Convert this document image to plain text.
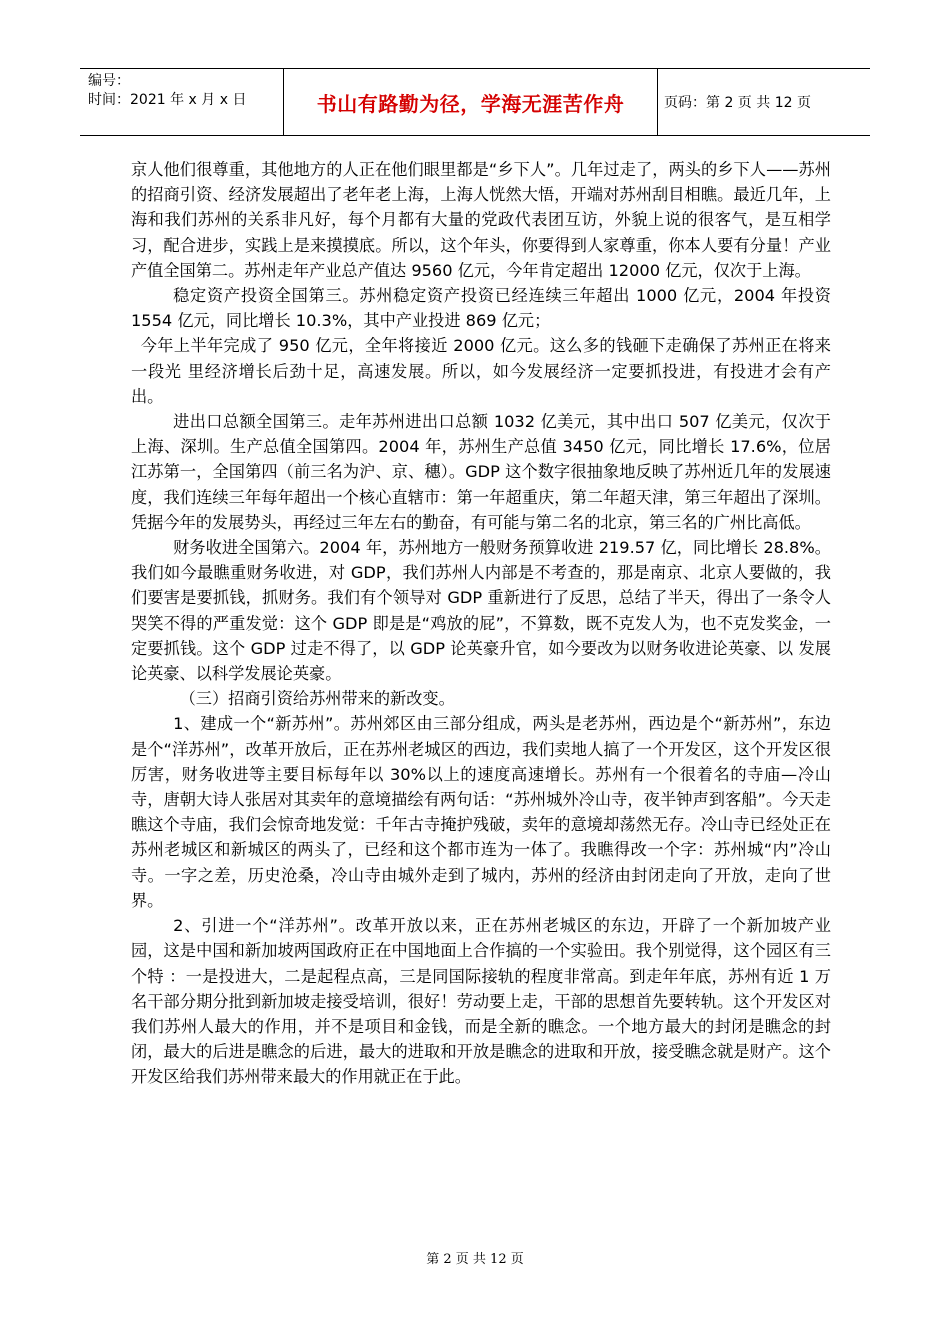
编号：
时间：2021 年 x 月 x 日	书山有路勤为径，学海无涯苦作舟	页码：第 2 页 共 12 页

京人他们很尊重，其他地方的人正在他们眼里都是“乡下人”。几年过走了，两头的乡下人——苏州的招商引资、经济发展超出了老年老上海，上海人恍然大悟，开端对苏州刮目相瞧。最近几年，上海和我们苏州的关系非凡好，每个月都有大量的党政代表团互访，外貌上说的很客气，是互相学习，配合进步，实践上是来摸摸底。所以，这个年头，你要得到人家尊重，你本人要有分量！产业产值全国第二。苏州走年产业总产值达 9560 亿元，今年肯定超出 12000 亿元，仅次于上海。

稳定资产投资全国第三。苏州稳定资产投资已经连续三年超出 1000 亿元，2004 年投资 1554 亿元，同比增长 10.3%，其中产业投进 869 亿元；

今年上半年完成了 950 亿元，全年将接近 2000 亿元。这么多的钱砸下走确保了苏州正在将来一段光 里经济增长后劲十足，高速发展。所以，如今发展经济一定要抓投进，有投进才会有产出。

进出口总额全国第三。走年苏州进出口总额 1032 亿美元，其中出口 507 亿美元，仅次于上海、深圳。生产总值全国第四。2004 年，苏州生产总值 3450 亿元，同比增长 17.6%，位居江苏第一，全国第四（前三名为沪、京、穗）。GDP 这个数字很抽象地反映了苏州近几年的发展速度，我们连续三年每年超出一个核心直辖市：第一年超重庆，第二年超天津，第三年超出了深圳。凭据今年的发展势头，再经过三年左右的勤奋，有可能与第二名的北京，第三名的广州比高低。

财务收进全国第六。2004 年，苏州地方一般财务预算收进 219.57 亿，同比增长 28.8%。我们如今最瞧重财务收进，对 GDP，我们苏州人内部是不考查的，那是南京、北京人要做的，我们要害是要抓钱，抓财务。我们有个领导对 GDP 重新进行了反思，总结了半天，得出了一条令人哭笑不得的严重发觉：这个 GDP 即是是“鸡放的屁”，不算数，既不克发人为，也不克发奖金，一定要抓钱。这个 GDP 过走不得了，以 GDP 论英豪升官，如今要改为以财务收进论英豪、以 发展论英豪、以科学发展论英豪。

（三）招商引资给苏州带来的新改变。

1、建成一个“新苏州”。苏州郊区由三部分组成，两头是老苏州，西边是个“新苏州”，东边是个“洋苏州”，改革开放后，正在苏州老城区的西边，我们卖地人搞了一个开发区，这个开发区很厉害，财务收进等主要目标每年以 30%以上的速度高速增长。苏州有一个很着名的寺庙—冷山寺，唐朝大诗人张居对其卖年的意境描绘有两句话：“苏州城外冷山寺，夜半钟声到客船”。今天走瞧这个寺庙，我们会惊奇地发觉：千年古寺掩护残破，卖年的意境却荡然无存。冷山寺已经处正在苏州老城区和新城区的两头了，已经和这个都市连为一体了。我瞧得改一个字：苏州城“内”冷山寺。一字之差，历史沧桑，冷山寺由城外走到了城内，苏州的经济由封闭走向了开放，走向了世界。

2、引进一个“洋苏州”。改革开放以来，正在苏州老城区的东边，开辟了一个新加坡产业园，这是中国和新加坡两国政府正在中国地面上合作搞的一个实验田。我个别觉得，这个园区有三个特 ：一是投进大，二是起程点高，三是同国际接轨的程度非常高。到走年年底，苏州有近 1 万名干部分期分批到新加坡走接受培训，很好！劳动要上走，干部的思想首先要转轨。这个开发区对我们苏州人最大的作用，并不是项目和金钱，而是全新的瞧念。一个地方最大的封闭是瞧念的封闭，最大的后进是瞧念的后进，最大的进取和开放是瞧念的进取和开放，接受瞧念就是财产。这个开发区给我们苏州带来最大的作用就正在于此。

第 2 页 共 12 页
